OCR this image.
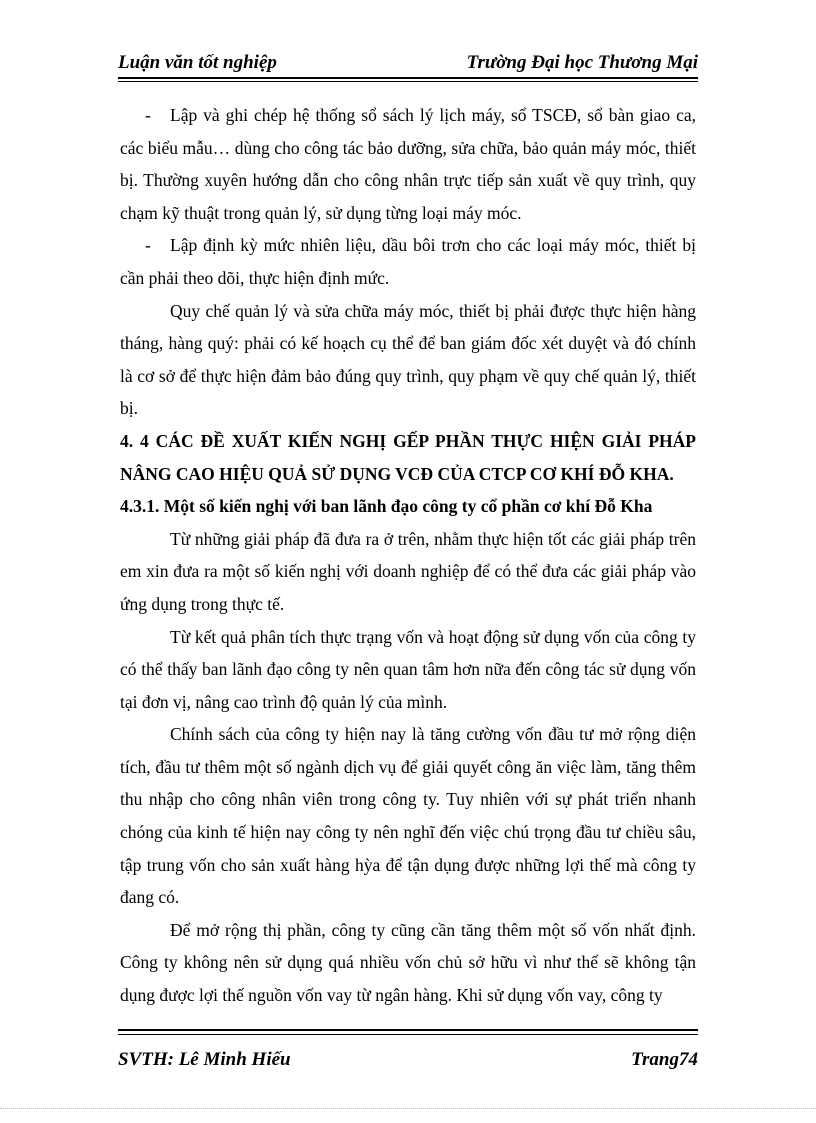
Luận văn tốt nghiệp	Trường Đại học Thương Mại

- Lập và ghi chép hệ thống sổ sách lý lịch máy, sổ TSCĐ, sổ bàn giao ca, các biểu mẫu… dùng cho công tác bảo dưỡng, sửa chữa, bảo quản máy móc, thiết bị. Thường xuyên hướng dẫn cho công nhân trực tiếp sản xuất về quy trình, quy chạm kỹ thuật trong quản lý, sử dụng từng loại máy móc.

- Lập định kỳ mức nhiên liệu, dầu bôi trơn cho các loại máy móc, thiết bị cần phải theo dõi, thực hiện định mức.

Quy chế quản lý và sửa chữa máy móc, thiết bị phải được thực hiện hàng tháng, hàng quý: phải có kế hoạch cụ thể để ban giám đốc xét duyệt và đó chính là cơ sở để thực hiện đảm bảo đúng quy trình, quy phạm về quy chế quản lý, thiết bị.

4. 4 CÁC ĐỀ XUẤT KIẾN NGHỊ GẾP PHẦN THỰC HIỆN GIẢI PHÁP NÂNG CAO HIỆU QUẢ SỬ DỤNG VCĐ CỦA CTCP CƠ KHÍ ĐỖ KHA.

4.3.1. Một số kiến nghị với ban lãnh đạo công ty cổ phần cơ khí Đỗ Kha

Từ những giải pháp đã đưa ra ở trên, nhằm thực hiện tốt các giải pháp trên em xin đưa ra một số kiến nghị với doanh nghiệp để có thể đưa các giải pháp vào ứng dụng trong thực tế.

Từ kết quả phân tích thực trạng vốn và hoạt động sử dụng vốn của công ty có thể thấy ban lãnh đạo công ty nên quan tâm hơn nữa đến công tác sử dụng vốn tại đơn vị, nâng cao trình độ quản lý của mình.

Chính sách của công ty hiện nay là tăng cường vốn đầu tư mở rộng diện tích, đầu tư thêm một số ngành dịch vụ để giải quyết công ăn việc làm, tăng thêm thu nhập cho công nhân viên trong công ty. Tuy nhiên với sự phát triển nhanh chóng của kinh tế hiện nay công ty nên nghĩ đến việc chú trọng đầu tư chiều sâu, tập trung vốn cho sản xuất hàng hỳa để tận dụng được những lợi thế mà công ty đang có.

Để mở rộng thị phần, công ty cũng cần tăng thêm một số vốn nhất định. Công ty không nên sử dụng quá nhiều vốn chủ sở hữu vì như thế sẽ không tận dụng được lợi thế nguồn vốn vay từ ngân hàng. Khi sử dụng vốn vay, công ty

SVTH: Lê Minh Hiếu	Trang74
